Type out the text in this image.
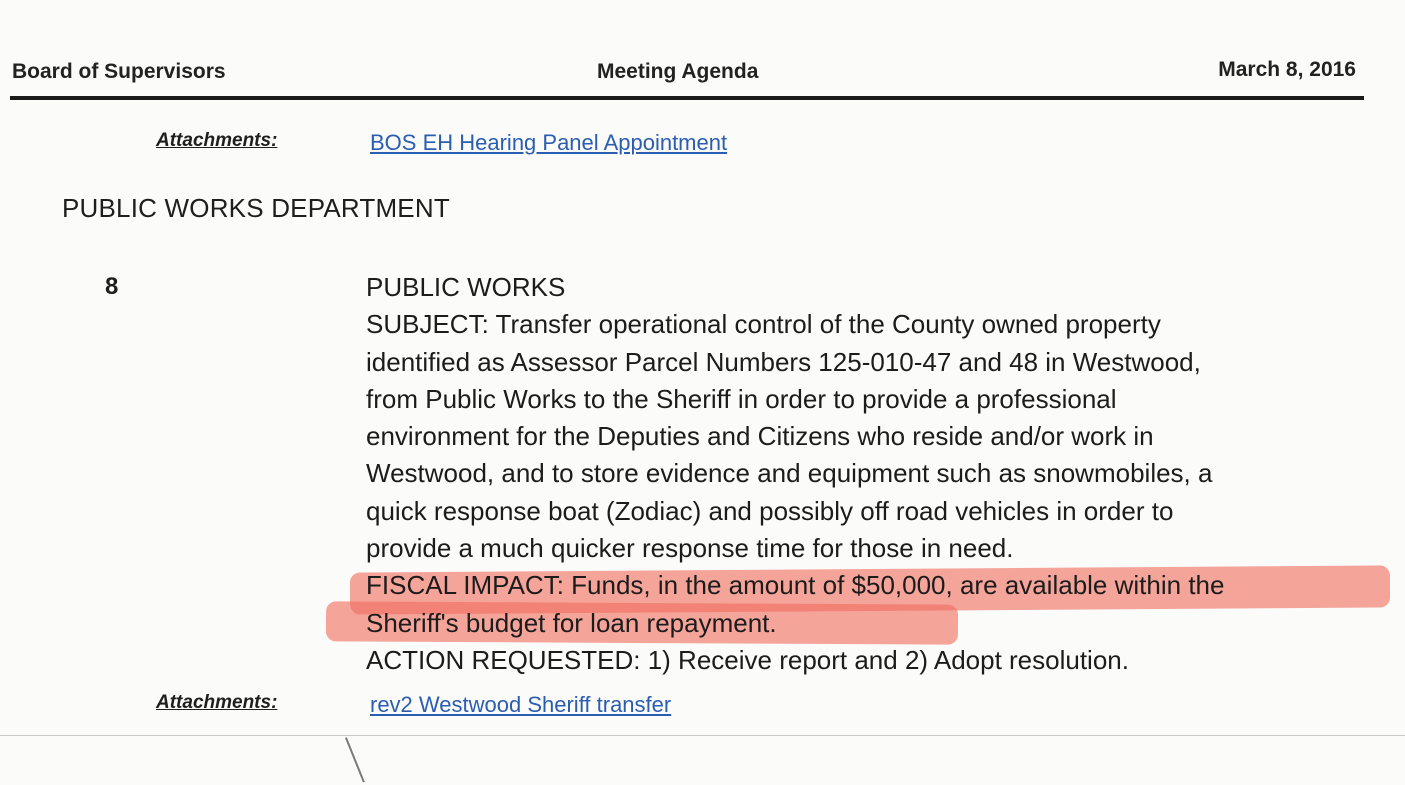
Board of Supervisors	Meeting Agenda	March 8, 2016
Attachments:	BOS EH Hearing Panel Appointment
PUBLIC WORKS DEPARTMENT
8	PUBLIC WORKS
SUBJECT: Transfer operational control of the County owned property
identified as Assessor Parcel Numbers 125-010-47 and 48 in Westwood,
from Public Works to the Sheriff in order to provide a professional
environment for the Deputies and Citizens who reside and/or work in
Westwood, and to store evidence and equipment such as snowmobiles, a
quick response boat (Zodiac) and possibly off road vehicles in order to
provide a much quicker response time for those in need.
FISCAL IMPACT: Funds, in the amount of $50,000, are available within the
Sheriff's budget for loan repayment.
ACTION REQUESTED: 1) Receive report and 2) Adopt resolution.
Attachments:	rev2 Westwood Sheriff transfer
